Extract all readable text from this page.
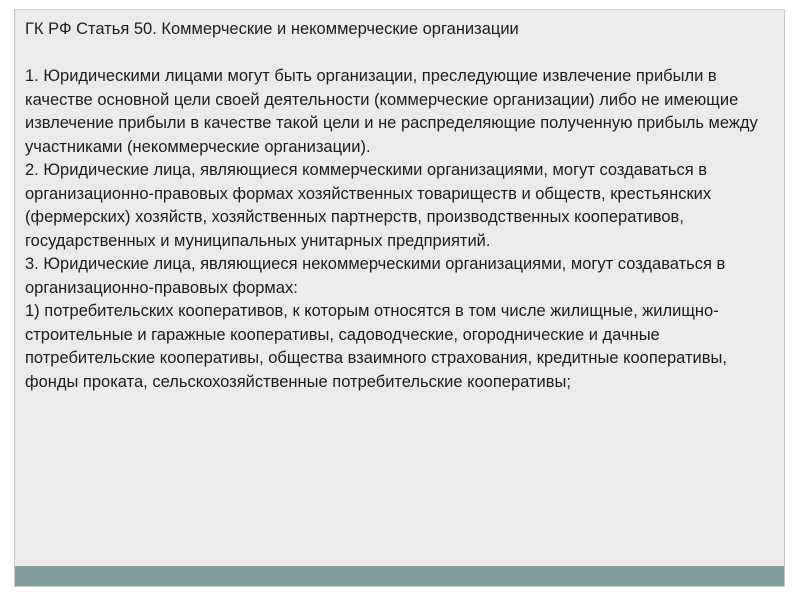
ГК РФ Статья 50. Коммерческие и некоммерческие организации

1. Юридическими лицами могут быть организации, преследующие извлечение прибыли в качестве основной цели своей деятельности (коммерческие организации) либо не имеющие извлечение прибыли в качестве такой цели и не распределяющие полученную прибыль между участниками (некоммерческие организации).

2. Юридические лица, являющиеся коммерческими организациями, могут создаваться в организационно-правовых формах хозяйственных товариществ и обществ, крестьянских (фермерских) хозяйств, хозяйственных партнерств, производственных кооперативов, государственных и муниципальных унитарных предприятий.

3. Юридические лица, являющиеся некоммерческими организациями, могут создаваться в организационно-правовых формах:

1) потребительских кооперативов, к которым относятся в том числе жилищные, жилищно-строительные и гаражные кооперативы, садоводческие, огороднические и дачные потребительские кооперативы, общества взаимного страхования, кредитные кооперативы, фонды проката, сельскохозяйственные потребительские кооперативы;
